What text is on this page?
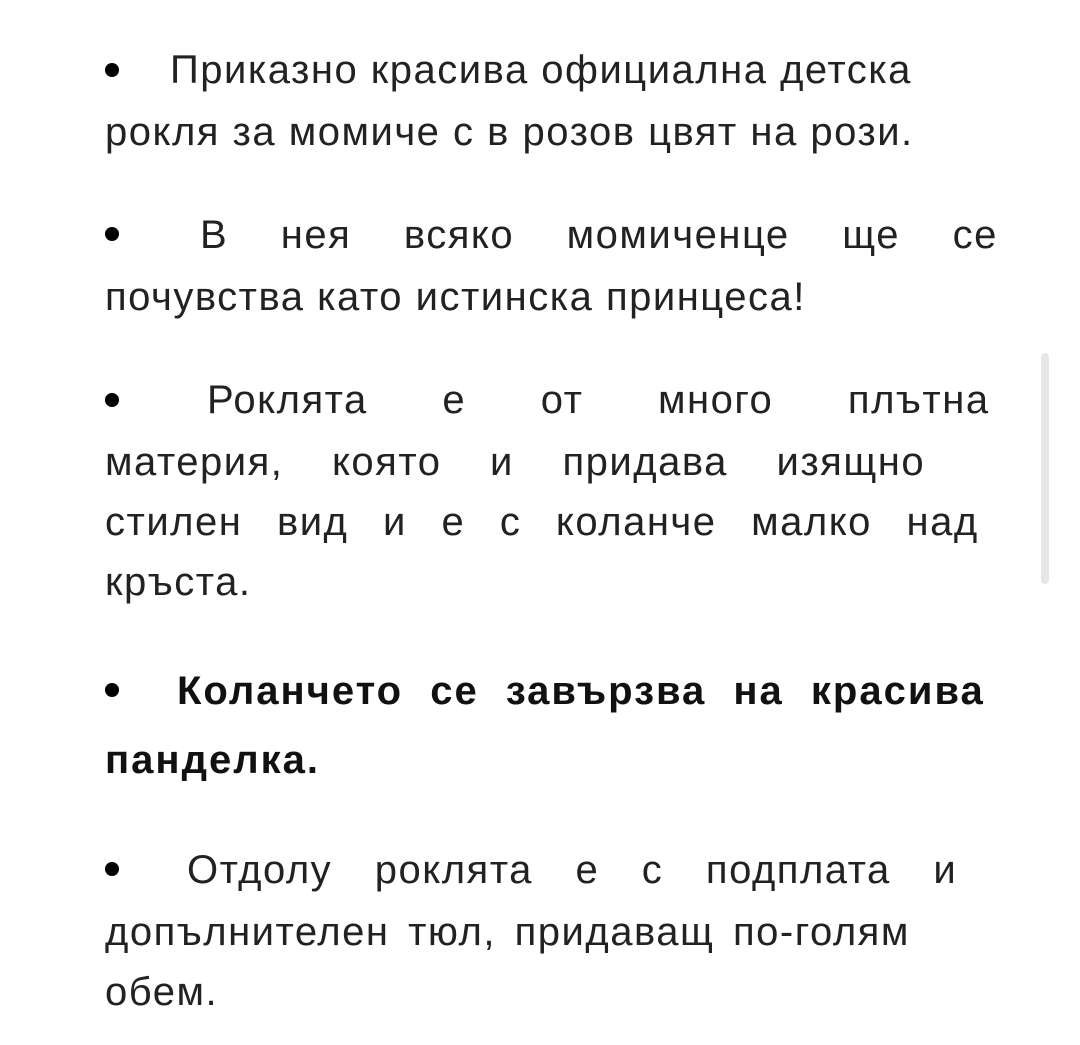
Приказно красива официална детска
рокля за момиче с в розов цвят на рози.
В нея всяко момиченце ще се
почувства като истинска принцеса!
Роклята е от много плътна
материя, която и придава изящно
стилен вид и е с коланче малко над
кръста.
Коланчето се завързва на красива
панделка.
Отдолу роклята е с подплата и
допълнителен тюл, придаващ по-голям
обем.
